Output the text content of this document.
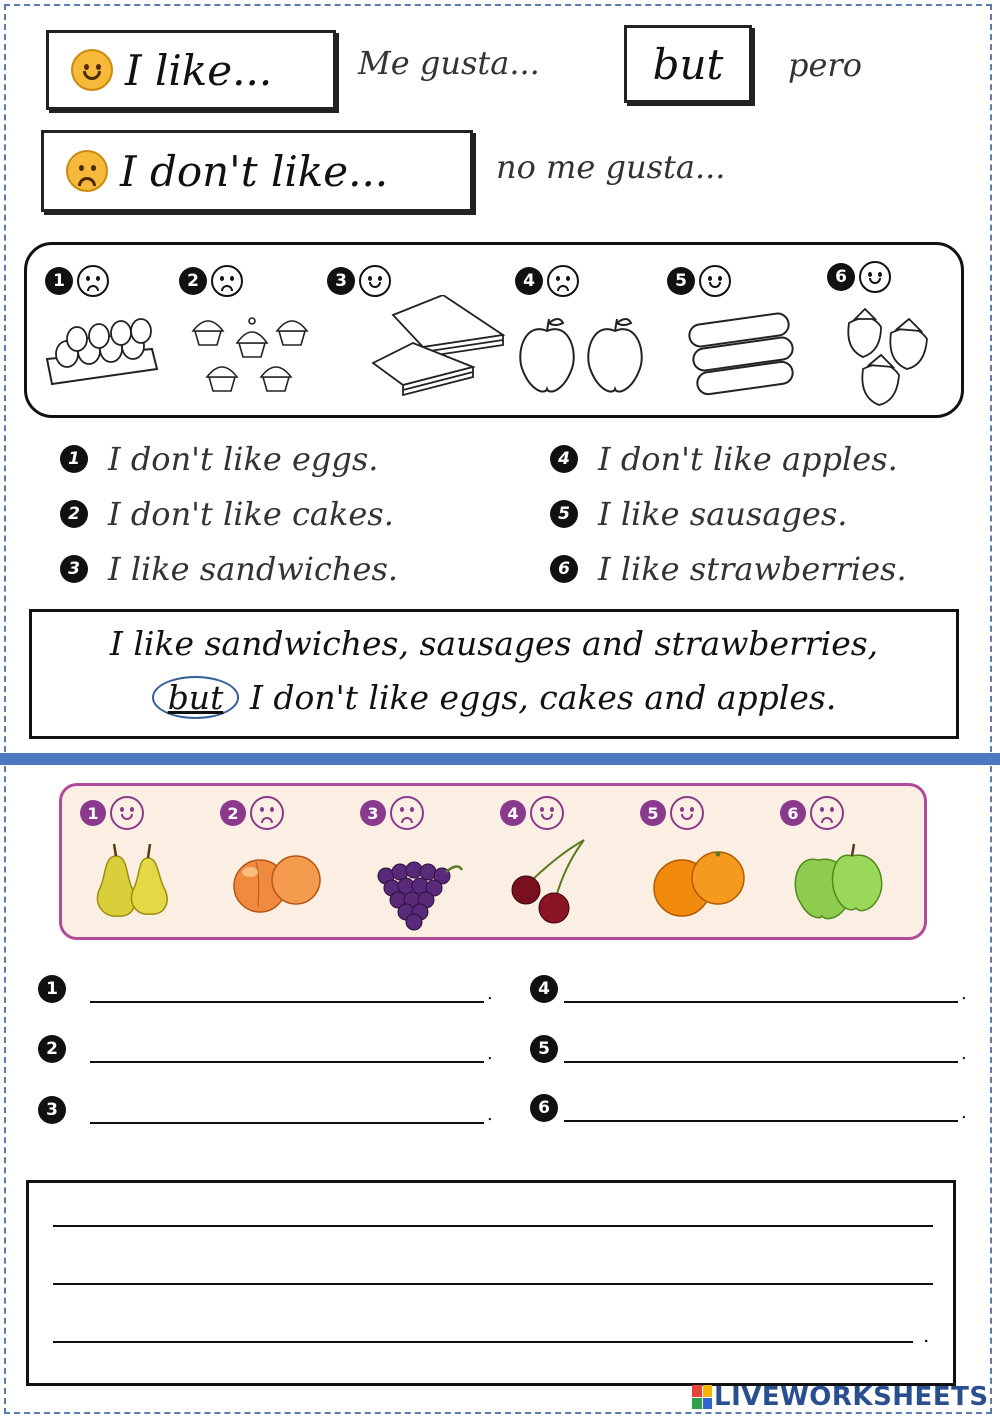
I like...	Me gusta...	but pero
I don't like...	no me gusta...
1	2	3	4	5	6
1 I don't like eggs.
2 I don't like cakes.
3 I like sandwiches.
4 I don't like apples.
5 I like sausages.
6 I like strawberries.
I like sandwiches, sausages and strawberries,
but I don't like eggs, cakes and apples.
1	2	3	4	5	6
1	.
2	.
3	.
4	.
5	.
6	.
.
LIVEWORKSHEETS
